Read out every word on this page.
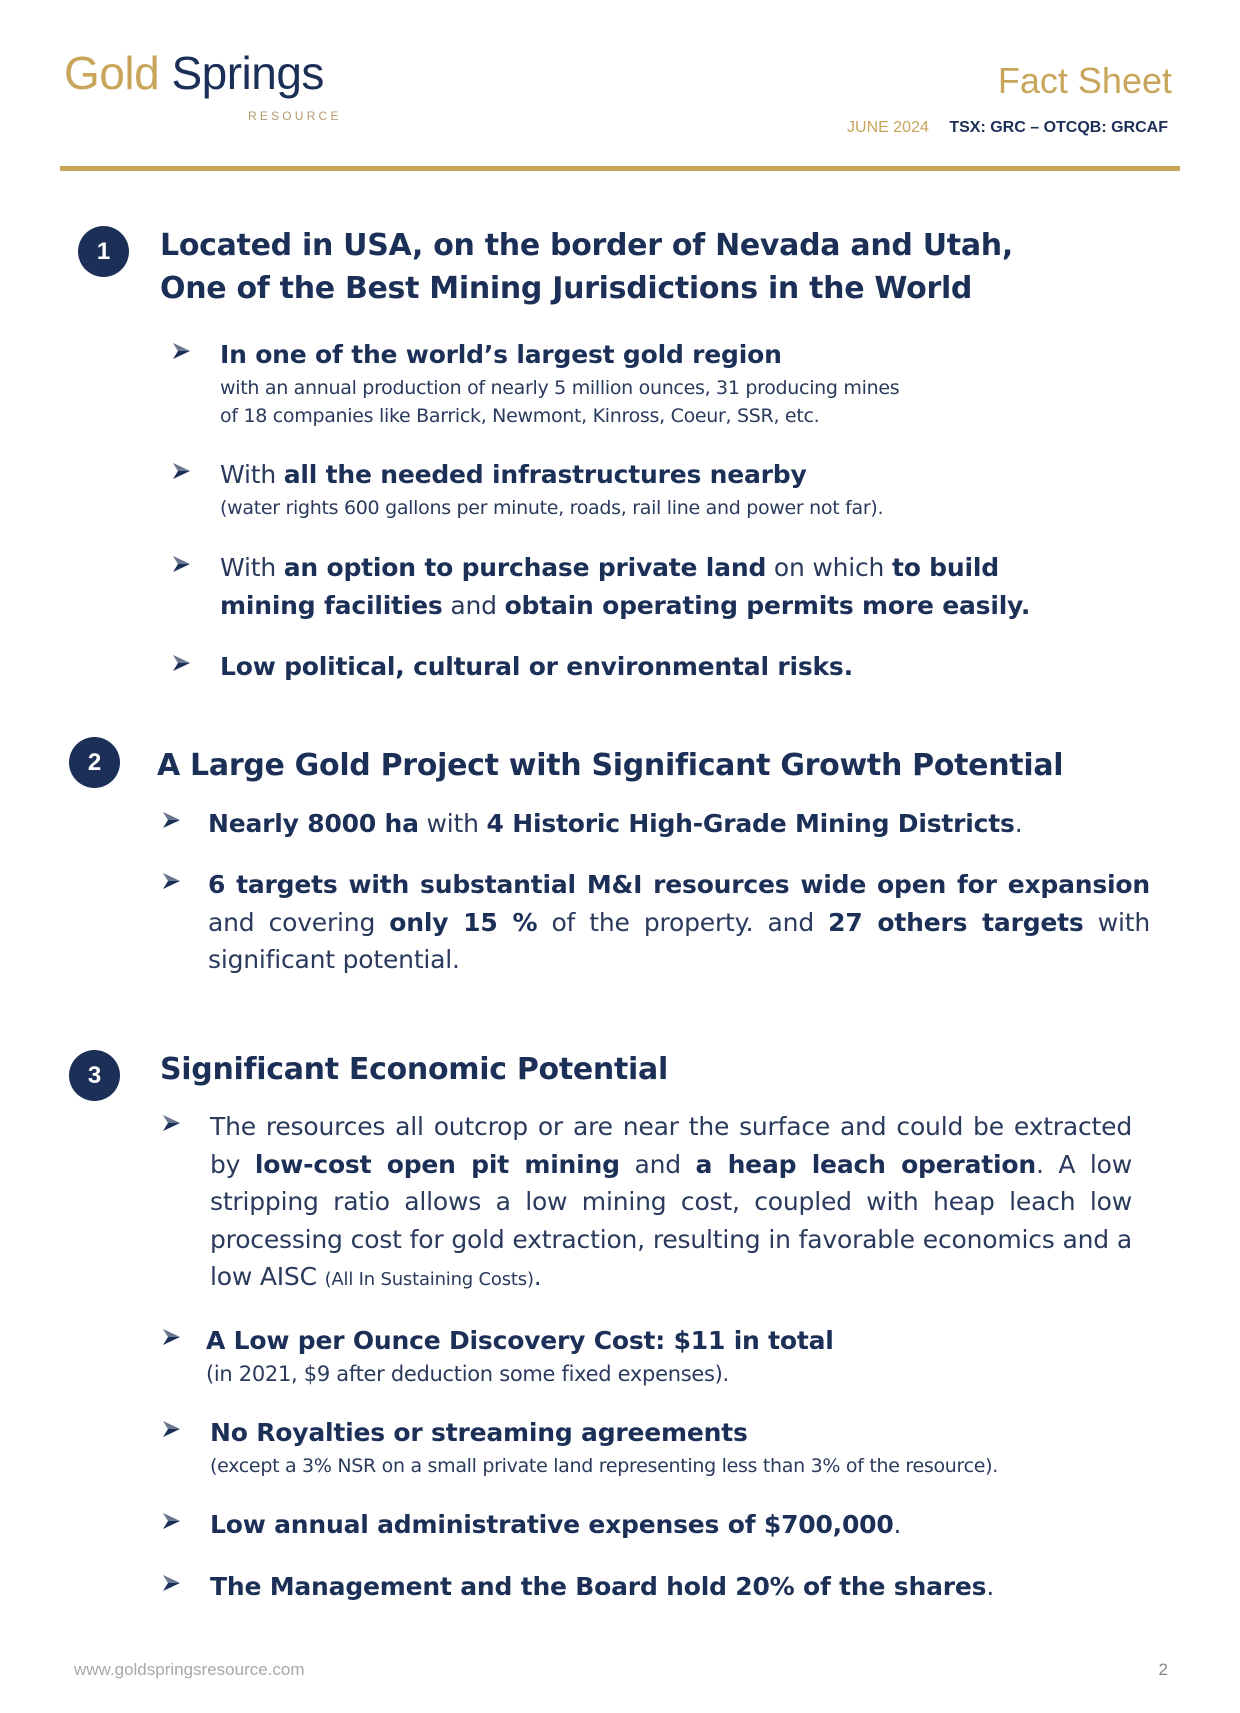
Gold Springs
RESOURCE
Fact Sheet
JUNE 2024 TSX: GRC – OTCQB: GRCAF
1	Located in USA, on the border of Nevada and Utah,
One of the Best Mining Jurisdictions in the World
In one of the world’s largest gold region
with an annual production of nearly 5 million ounces, 31 producing mines
of 18 companies like Barrick, Newmont, Kinross, Coeur, SSR, etc.
With all the needed infrastructures nearby
(water rights 600 gallons per minute, roads, rail line and power not far).
With an option to purchase private land on which to build
mining facilities and obtain operating permits more easily.
Low political, cultural or environmental risks.
2	A Large Gold Project with Significant Growth Potential
Nearly 8000 ha with 4 Historic High-Grade Mining Districts.
6 targets with substantial M&I resources wide open for expansion and covering only 15 % of the property. and 27 others targets with significant potential.
3	Significant Economic Potential
The resources all outcrop or are near the surface and could be extracted by low-cost open pit mining and a heap leach operation. A low stripping ratio allows a low mining cost, coupled with heap leach low processing cost for gold extraction, resulting in favorable economics and a low AISC (All In Sustaining Costs).
A Low per Ounce Discovery Cost: $11 in total
(in 2021, $9 after deduction some fixed expenses).
No Royalties or streaming agreements
(except a 3% NSR on a small private land representing less than 3% of the resource).
Low annual administrative expenses of $700,000.
The Management and the Board hold 20% of the shares.
www.goldspringsresource.com	2
